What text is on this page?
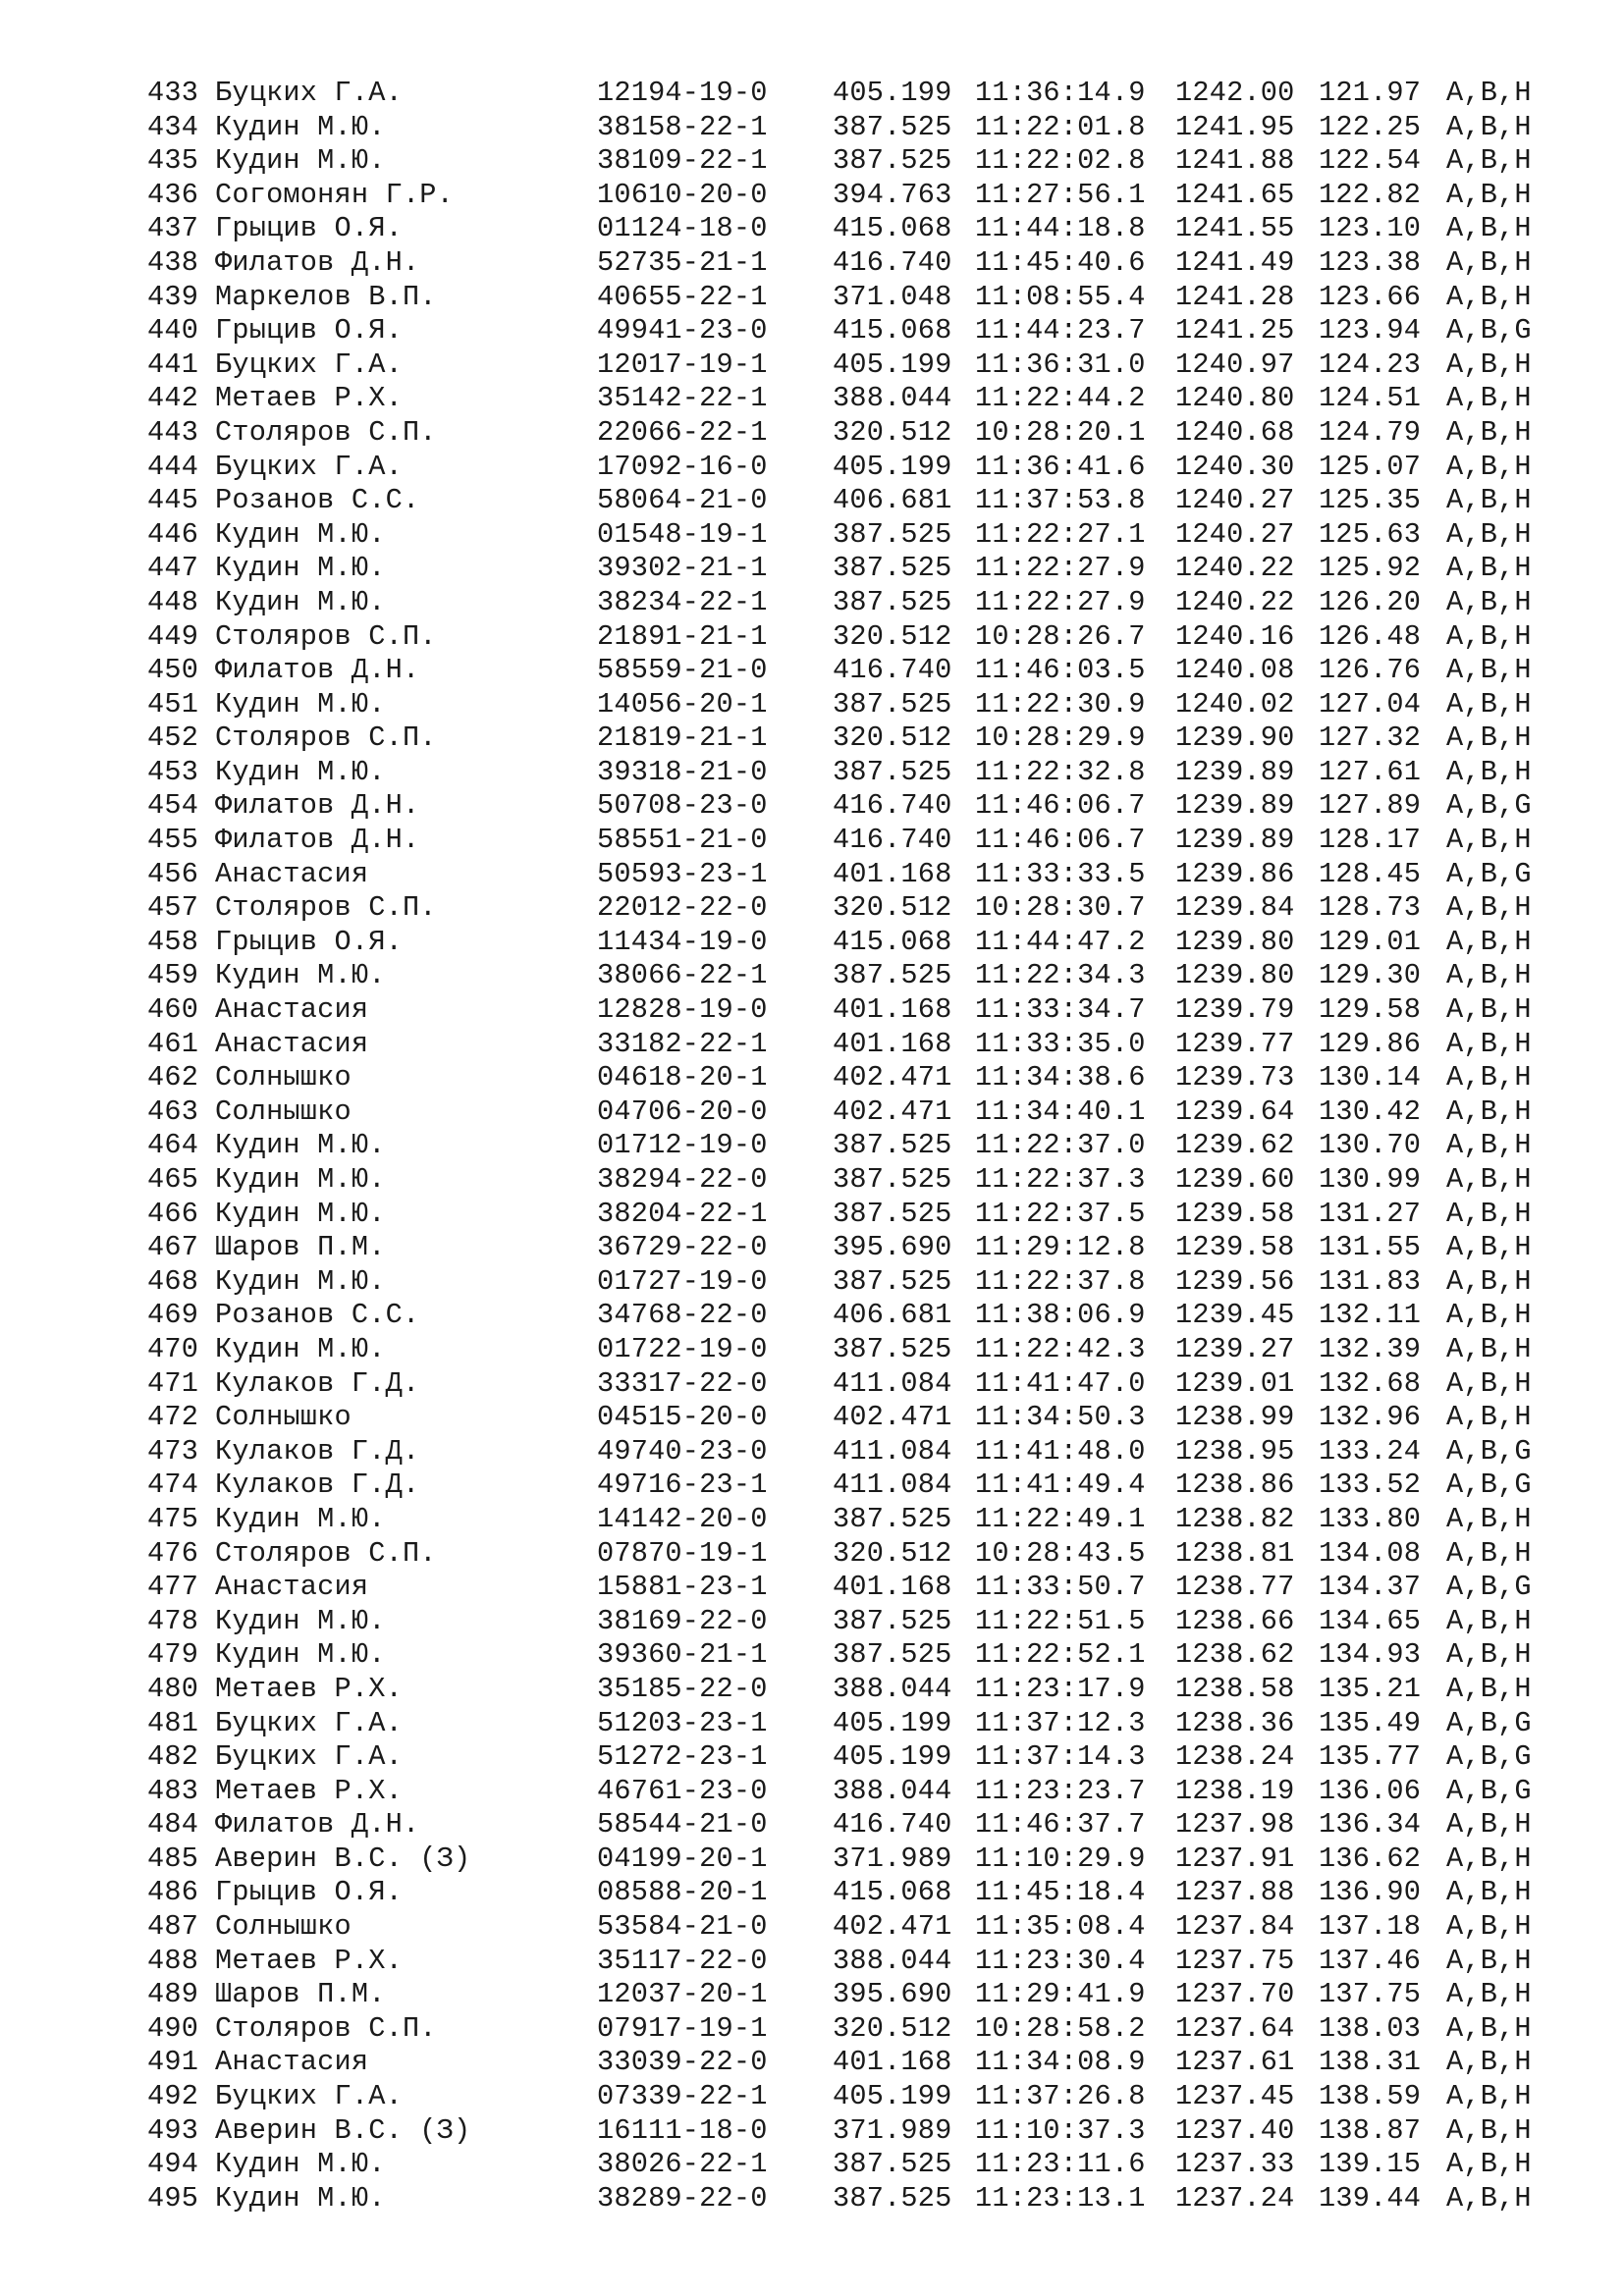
433 Буцких Г.А.	12194-19-0 405.199 11:36:14.9 1242.00 121.97 A,B,H
434 Кудин М.Ю.	38158-22-1 387.525 11:22:01.8 1241.95 122.25 A,B,H
435 Кудин М.Ю.	38109-22-1 387.525 11:22:02.8 1241.88 122.54 A,B,H
436 Согомонян Г.Р.	10610-20-0 394.763 11:27:56.1 1241.65 122.82 A,B,H
437 Грыцив О.Я.	01124-18-0 415.068 11:44:18.8 1241.55 123.10 A,B,H
438 Филатов Д.Н.	52735-21-1 416.740 11:45:40.6 1241.49 123.38 A,B,H
439 Маркелов В.П.	40655-22-1 371.048 11:08:55.4 1241.28 123.66 A,B,H
440 Грыцив О.Я.	49941-23-0 415.068 11:44:23.7 1241.25 123.94 A,B,G
441 Буцких Г.А.	12017-19-1 405.199 11:36:31.0 1240.97 124.23 A,B,H
442 Метаев Р.Х.	35142-22-1 388.044 11:22:44.2 1240.80 124.51 A,B,H
443 Столяров С.П.	22066-22-1 320.512 10:28:20.1 1240.68 124.79 A,B,H
444 Буцких Г.А.	17092-16-0 405.199 11:36:41.6 1240.30 125.07 A,B,H
445 Розанов С.С.	58064-21-0 406.681 11:37:53.8 1240.27 125.35 A,B,H
446 Кудин М.Ю.	01548-19-1 387.525 11:22:27.1 1240.27 125.63 A,B,H
447 Кудин М.Ю.	39302-21-1 387.525 11:22:27.9 1240.22 125.92 A,B,H
448 Кудин М.Ю.	38234-22-1 387.525 11:22:27.9 1240.22 126.20 A,B,H
449 Столяров С.П.	21891-21-1 320.512 10:28:26.7 1240.16 126.48 A,B,H
450 Филатов Д.Н.	58559-21-0 416.740 11:46:03.5 1240.08 126.76 A,B,H
451 Кудин М.Ю.	14056-20-1 387.525 11:22:30.9 1240.02 127.04 A,B,H
452 Столяров С.П.	21819-21-1 320.512 10:28:29.9 1239.90 127.32 A,B,H
453 Кудин М.Ю.	39318-21-0 387.525 11:22:32.8 1239.89 127.61 A,B,H
454 Филатов Д.Н.	50708-23-0 416.740 11:46:06.7 1239.89 127.89 A,B,G
455 Филатов Д.Н.	58551-21-0 416.740 11:46:06.7 1239.89 128.17 A,B,H
456 Анастасия	50593-23-1 401.168 11:33:33.5 1239.86 128.45 A,B,G
457 Столяров С.П.	22012-22-0 320.512 10:28:30.7 1239.84 128.73 A,B,H
458 Грыцив О.Я.	11434-19-0 415.068 11:44:47.2 1239.80 129.01 A,B,H
459 Кудин М.Ю.	38066-22-1 387.525 11:22:34.3 1239.80 129.30 A,B,H
460 Анастасия	12828-19-0 401.168 11:33:34.7 1239.79 129.58 A,B,H
461 Анастасия	33182-22-1 401.168 11:33:35.0 1239.77 129.86 A,B,H
462 Солнышко	04618-20-1 402.471 11:34:38.6 1239.73 130.14 A,B,H
463 Солнышко	04706-20-0 402.471 11:34:40.1 1239.64 130.42 A,B,H
464 Кудин М.Ю.	01712-19-0 387.525 11:22:37.0 1239.62 130.70 A,B,H
465 Кудин М.Ю.	38294-22-0 387.525 11:22:37.3 1239.60 130.99 A,B,H
466 Кудин М.Ю.	38204-22-1 387.525 11:22:37.5 1239.58 131.27 A,B,H
467 Шаров П.М.	36729-22-0 395.690 11:29:12.8 1239.58 131.55 A,B,H
468 Кудин М.Ю.	01727-19-0 387.525 11:22:37.8 1239.56 131.83 A,B,H
469 Розанов С.С.	34768-22-0 406.681 11:38:06.9 1239.45 132.11 A,B,H
470 Кудин М.Ю.	01722-19-0 387.525 11:22:42.3 1239.27 132.39 A,B,H
471 Кулаков Г.Д.	33317-22-0 411.084 11:41:47.0 1239.01 132.68 A,B,H
472 Солнышко	04515-20-0 402.471 11:34:50.3 1238.99 132.96 A,B,H
473 Кулаков Г.Д.	49740-23-0 411.084 11:41:48.0 1238.95 133.24 A,B,G
474 Кулаков Г.Д.	49716-23-1 411.084 11:41:49.4 1238.86 133.52 A,B,G
475 Кудин М.Ю.	14142-20-0 387.525 11:22:49.1 1238.82 133.80 A,B,H
476 Столяров С.П.	07870-19-1 320.512 10:28:43.5 1238.81 134.08 A,B,H
477 Анастасия	15881-23-1 401.168 11:33:50.7 1238.77 134.37 A,B,G
478 Кудин М.Ю.	38169-22-0 387.525 11:22:51.5 1238.66 134.65 A,B,H
479 Кудин М.Ю.	39360-21-1 387.525 11:22:52.1 1238.62 134.93 A,B,H
480 Метаев Р.Х.	35185-22-0 388.044 11:23:17.9 1238.58 135.21 A,B,H
481 Буцких Г.А.	51203-23-1 405.199 11:37:12.3 1238.36 135.49 A,B,G
482 Буцких Г.А.	51272-23-1 405.199 11:37:14.3 1238.24 135.77 A,B,G
483 Метаев Р.Х.	46761-23-0 388.044 11:23:23.7 1238.19 136.06 A,B,G
484 Филатов Д.Н.	58544-21-0 416.740 11:46:37.7 1237.98 136.34 A,B,H
485 Аверин В.С. (З)	04199-20-1 371.989 11:10:29.9 1237.91 136.62 A,B,H
486 Грыцив О.Я.	08588-20-1 415.068 11:45:18.4 1237.88 136.90 A,B,H
487 Солнышко	53584-21-0 402.471 11:35:08.4 1237.84 137.18 A,B,H
488 Метаев Р.Х.	35117-22-0 388.044 11:23:30.4 1237.75 137.46 A,B,H
489 Шаров П.М.	12037-20-1 395.690 11:29:41.9 1237.70 137.75 A,B,H
490 Столяров С.П.	07917-19-1 320.512 10:28:58.2 1237.64 138.03 A,B,H
491 Анастасия	33039-22-0 401.168 11:34:08.9 1237.61 138.31 A,B,H
492 Буцких Г.А.	07339-22-1 405.199 11:37:26.8 1237.45 138.59 A,B,H
493 Аверин В.С. (З)	16111-18-0 371.989 11:10:37.3 1237.40 138.87 A,B,H
494 Кудин М.Ю.	38026-22-1 387.525 11:23:11.6 1237.33 139.15 A,B,H
495 Кудин М.Ю.	38289-22-0 387.525 11:23:13.1 1237.24 139.44 A,B,H
